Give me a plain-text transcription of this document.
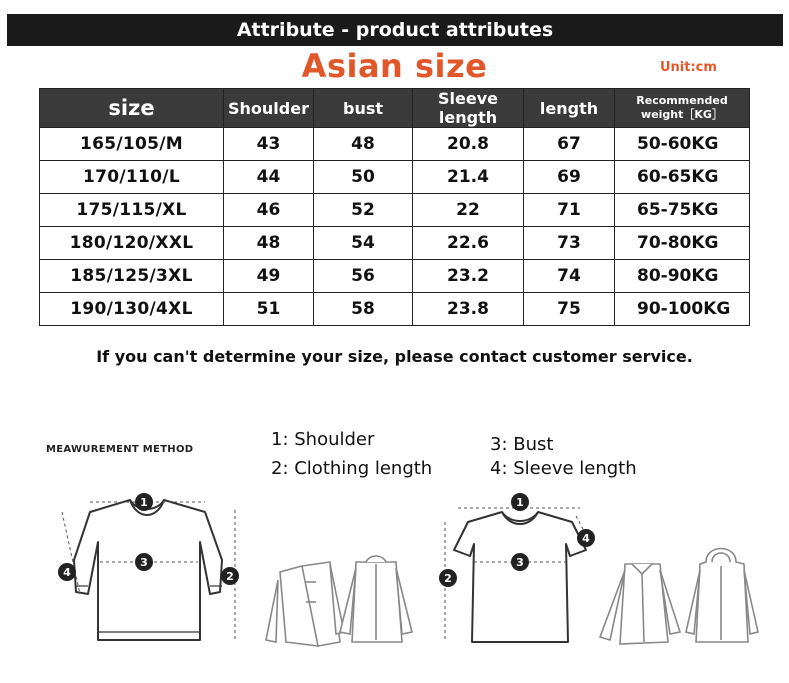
Attribute - product attributes
Asian size	Unit:cm
size	Shoulder	bust	Sleeve length	length	Recommended weight［KG］
165/105/M	43	48	20.8	67	50-60KG
170/110/L	44	50	21.4	69	60-65KG
175/115/XL	46	52	22	71	65-75KG
180/120/XXL	48	54	22.6	73	70-80KG
185/125/3XL	49	56	23.2	74	80-90KG
190/130/4XL	51	58	23.8	75	90-100KG
If you can't determine your size, please contact customer service.
MEAWUREMENT METHOD	1: Shoulder
2: Clothing length
3: Bust
4: Sleeve length
1
3
2
4
1
3
2
4
